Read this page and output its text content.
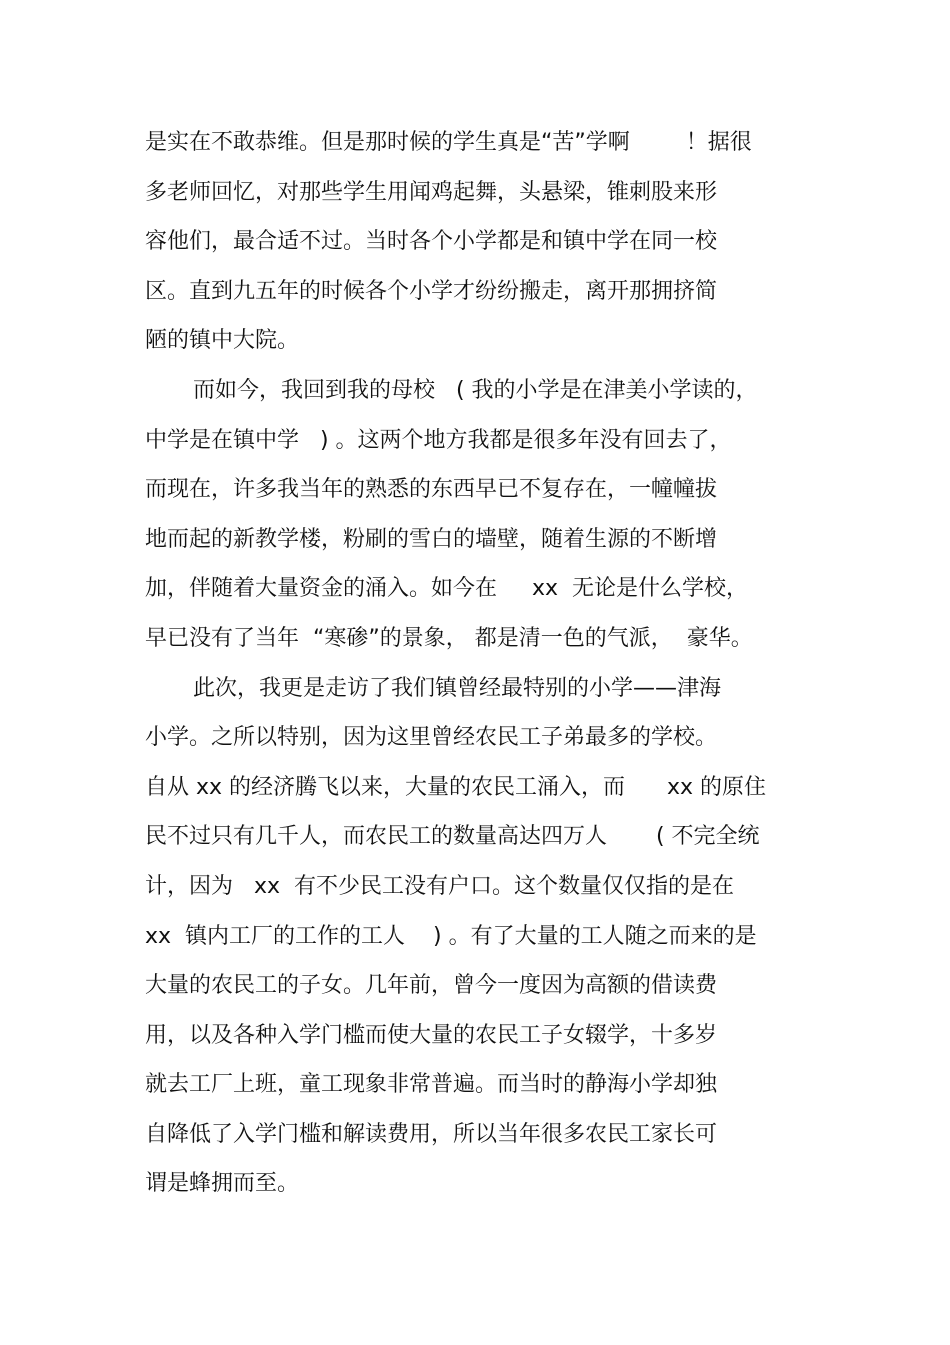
是实在不敢恭维。但是那时候的学生真是“苦”学啊        ！据很
多老师回忆，对那些学生用闻鸡起舞，头悬梁，锥刺股来形
容他们，最合适不过。当时各个小学都是和镇中学在同一校
区。直到九五年的时候各个小学才纷纷搬走，离开那拥挤简
陋的镇中大院。
而如今，我回到我的母校   ( 我的小学是在津美小学读的，
中学是在镇中学   ) 。这两个地方我都是很多年没有回去了，
而现在，许多我当年的熟悉的东西早已不复存在，一幢幢拔
地而起的新教学楼，粉刷的雪白的墙壁，随着生源的不断增
加，伴随着大量资金的涌入。如今在     xx  无论是什么学校，
早已没有了当年  “寒碜”的景象， 都是清一色的气派，  豪华。
此次，我更是走访了我们镇曾经最特别的小学——津海
小学。之所以特别，因为这里曾经农民工子弟最多的学校。
自从 xx 的经济腾飞以来，大量的农民工涌入，而      xx 的原住
民不过只有几千人，而农民工的数量高达四万人       ( 不完全统
计，因为   xx  有不少民工没有户口。这个数量仅仅指的是在
xx  镇内工厂的工作的工人    ) 。有了大量的工人随之而来的是
大量的农民工的子女。几年前，曾今一度因为高额的借读费
用，以及各种入学门槛而使大量的农民工子女辍学，十多岁
就去工厂上班，童工现象非常普遍。而当时的静海小学却独
自降低了入学门槛和解读费用，所以当年很多农民工家长可
谓是蜂拥而至。
